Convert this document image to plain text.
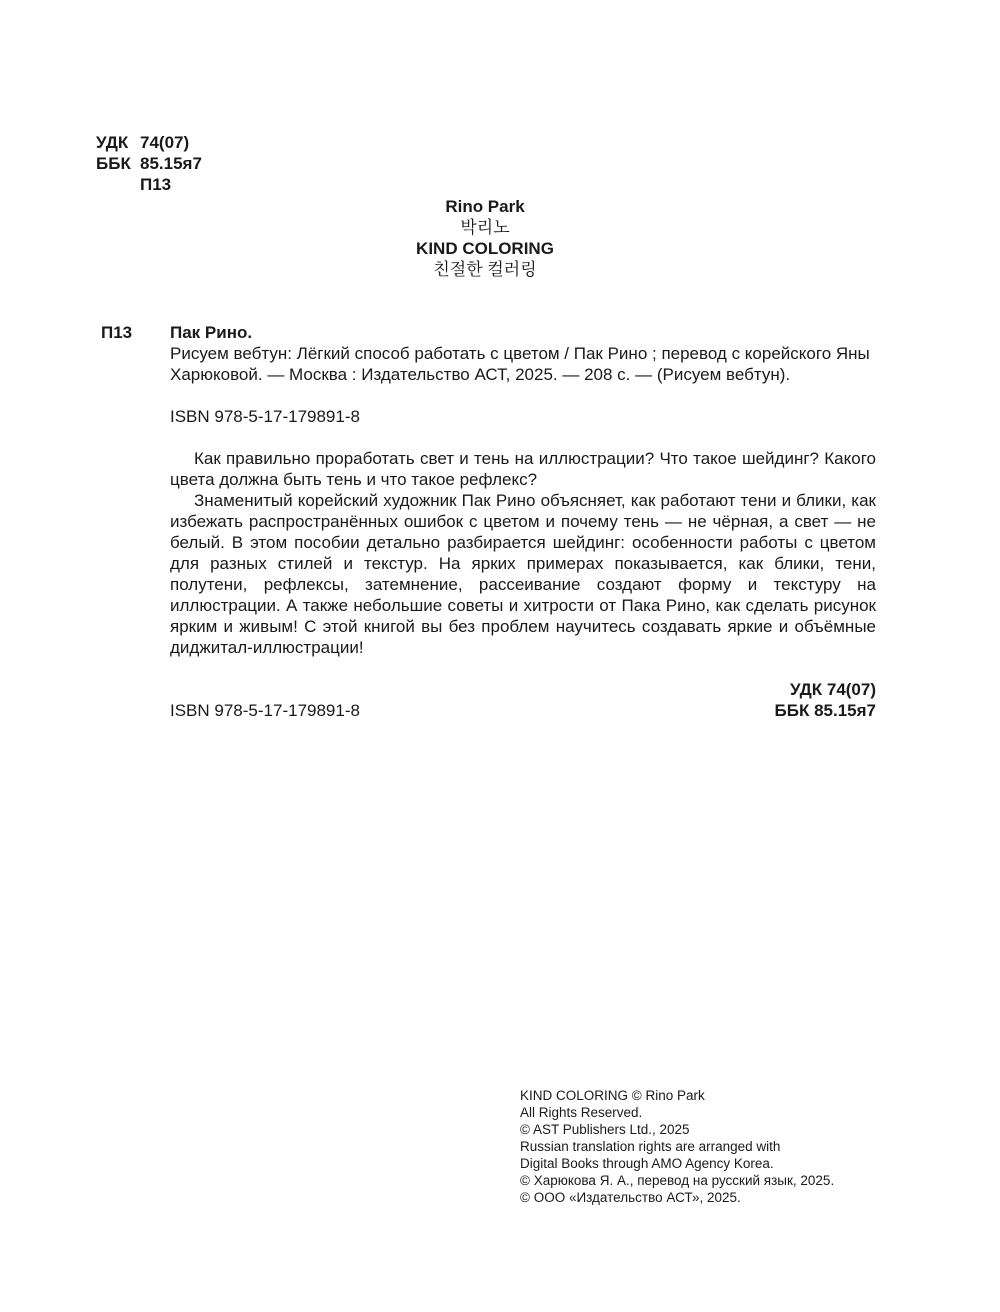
УДК 74(07)
ББК 85.15я7
П13
Rino Park
박리노
KIND COLORING
친절한 컬러링
П13 Пак Рино.

Рисуем вебтун: Лёгкий способ работать с цветом / Пак Рино ; перевод с корейского Яны Харюковой. — Москва : Издательство АСТ, 2025. — 208 с. — (Рисуем вебтун).

ISBN 978-5-17-179891-8

Как правильно проработать свет и тень на иллюстрации? Что такое шейдинг? Какого цвета должна быть тень и что такое рефлекс?

Знаменитый корейский художник Пак Рино объясняет, как работают тени и блики, как избежать распространённых ошибок с цветом и почему тень — не чёрная, а свет — не белый. В этом пособии детально разбирается шейдинг: особенности работы с цветом для разных стилей и текстур. На ярких примерах показывается, как блики, тени, полутени, рефлексы, затемнение, рассеивание создают форму и текстуру на иллюстрации. А также небольшие советы и хитрости от Пака Рино, как сделать рисунок ярким и живым! С этой книгой вы без проблем научитесь создавать яркие и объёмные диджитал-иллюстрации!

УДК 74(07)
ББК 85.15я7
ISBN 978-5-17-179891-8
KIND COLORING © Rino Park
All Rights Reserved.
© AST Publishers Ltd., 2025
Russian translation rights are arranged with
Digital Books through AMO Agency Korea.
© Харюкова Я. А., перевод на русский язык, 2025.
© ООО «Издательство АСТ», 2025.
